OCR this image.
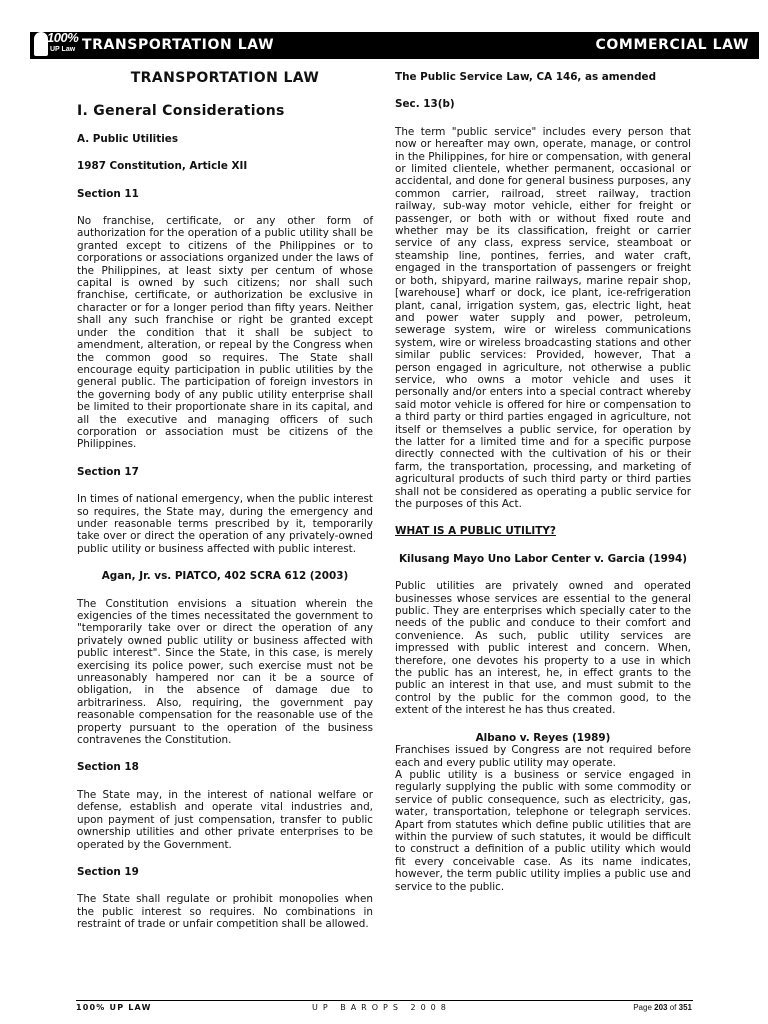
100%
UP Law TRANSPORTATION LAW	COMMERCIAL LAW

TRANSPORTATION LAW

I. General Considerations

A. Public Utilities

1987 Constitution, Article XII

Section 11

No franchise, certificate, or any other form of authorization for the operation of a public utility shall be granted except to citizens of the Philippines or to corporations or associations organized under the laws of the Philippines, at least sixty per centum of whose capital is owned by such citizens; nor shall such franchise, certificate, or authorization be exclusive in character or for a longer period than fifty years. Neither shall any such franchise or right be granted except under the condition that it shall be subject to amendment, alteration, or repeal by the Congress when the common good so requires. The State shall encourage equity participation in public utilities by the general public. The participation of foreign investors in the governing body of any public utility enterprise shall be limited to their proportionate share in its capital, and all the executive and managing officers of such corporation or association must be citizens of the Philippines.

Section 17

In times of national emergency, when the public interest so requires, the State may, during the emergency and under reasonable terms prescribed by it, temporarily take over or direct the operation of any privately-owned public utility or business affected with public interest.

Agan, Jr. vs. PIATCO, 402 SCRA 612 (2003)

The Constitution envisions a situation wherein the exigencies of the times necessitated the government to "temporarily take over or direct the operation of any privately owned public utility or business affected with public interest". Since the State, in this case, is merely exercising its police power, such exercise must not be unreasonably hampered nor can it be a source of obligation, in the absence of damage due to arbitrariness. Also, requiring, the government pay reasonable compensation for the reasonable use of the property pursuant to the operation of the business contravenes the Constitution.

Section 18

The State may, in the interest of national welfare or defense, establish and operate vital industries and, upon payment of just compensation, transfer to public ownership utilities and other private enterprises to be operated by the Government.

Section 19

The State shall regulate or prohibit monopolies when the public interest so requires. No combinations in restraint of trade or unfair competition shall be allowed.

The Public Service Law, CA 146, as amended

Sec. 13(b)

The term "public service" includes every person that now or hereafter may own, operate, manage, or control in the Philippines, for hire or compensation, with general or limited clientele, whether permanent, occasional or accidental, and done for general business purposes, any common carrier, railroad, street railway, traction railway, sub-way motor vehicle, either for freight or passenger, or both with or without fixed route and whether may be its classification, freight or carrier service of any class, express service, steamboat or steamship line, pontines, ferries, and water craft, engaged in the transportation of passengers or freight or both, shipyard, marine railways, marine repair shop, [warehouse] wharf or dock, ice plant, ice-refrigeration plant, canal, irrigation system, gas, electric light, heat and power water supply and power, petroleum, sewerage system, wire or wireless communications system, wire or wireless broadcasting stations and other similar public services: Provided, however, That a person engaged in agriculture, not otherwise a public service, who owns a motor vehicle and uses it personally and/or enters into a special contract whereby said motor vehicle is offered for hire or compensation to a third party or third parties engaged in agriculture, not itself or themselves a public service, for operation by the latter for a limited time and for a specific purpose directly connected with the cultivation of his or their farm, the transportation, processing, and marketing of agricultural products of such third party or third parties shall not be considered as operating a public service for the purposes of this Act.

WHAT IS A PUBLIC UTILITY?

Kilusang Mayo Uno Labor Center v. Garcia (1994)

Public utilities are privately owned and operated businesses whose services are essential to the general public. They are enterprises which specially cater to the needs of the public and conduce to their comfort and convenience. As such, public utility services are impressed with public interest and concern. When, therefore, one devotes his property to a use in which the public has an interest, he, in effect grants to the public an interest in that use, and must submit to the control by the public for the common good, to the extent of the interest he has thus created.

Albano v. Reyes (1989)

Franchises issued by Congress are not required before each and every public utility may operate.

A public utility is a business or service engaged in regularly supplying the public with some commodity or service of public consequence, such as electricity, gas, water, transportation, telephone or telegraph services. Apart from statutes which define public utilities that are within the purview of such statutes, it would be difficult to construct a definition of a public utility which would fit every conceivable case. As its name indicates, however, the term public utility implies a public use and service to the public.

100% UP LAW	UP BAROPS 2008	Page 203 of 351
